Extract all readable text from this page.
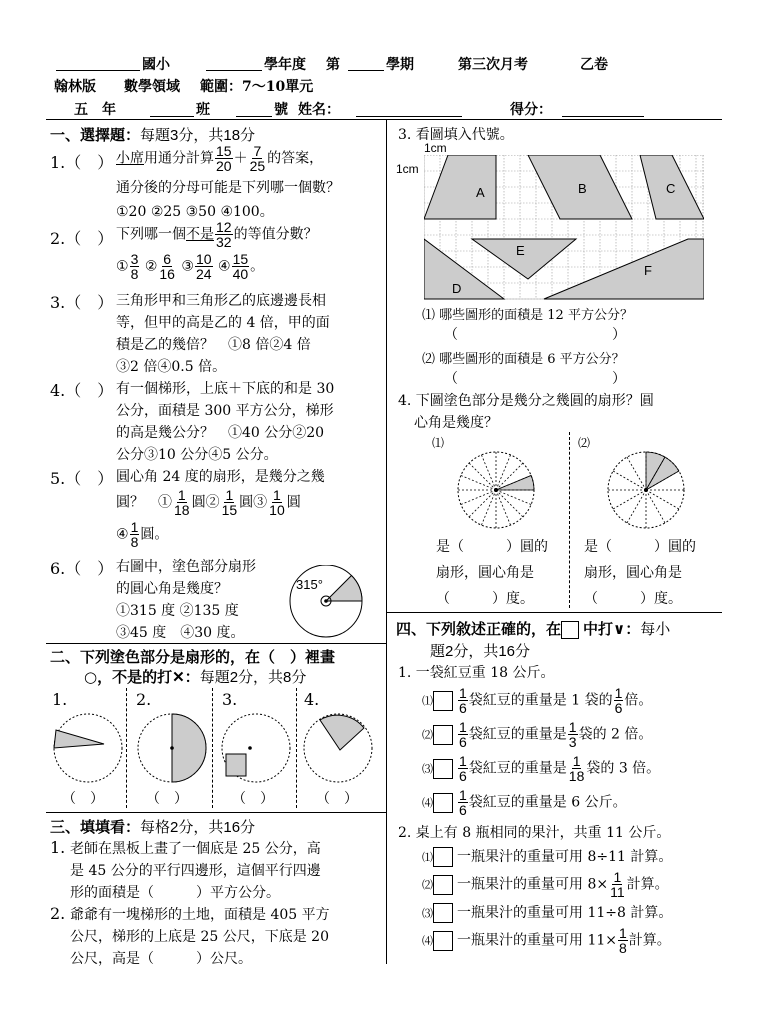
國小	學年度 第	學期	第三次月考	乙卷
翰林版 數學領域 範圍：7～10單元
五　年	班	號 姓名：	得分：
一、選擇題：每題3分，共18分
1.（　） 小席用通分計算 $\frac{15}{20} + \frac{7}{25}$ 的答案，
通分後的分母可能是下列哪一個數？
①20 ②25 ③50 ④100。
2.（　） 下列哪一個不是 $\frac{12}{32}$ 的等值分數？
① $\frac{3}{8}$ ② $\frac{6}{16}$ ③ $\frac{10}{24}$ ④ $\frac{15}{40}$ 。
3.（　） 三角形甲和三角形乙的底邊邊長相
等，但甲的高是乙的 4 倍，甲的面
積是乙的幾倍？　①8 倍②4 倍
③2 倍④0.5 倍。
4.（　） 有一個梯形，上底＋下底的和是 30
公分，面積是 300 平方公分，梯形
的高是幾公分？　①40 公分②20
公分③10 公分④5 公分。
5.（　） 圓心角 24 度的扇形，是幾分之幾
圓？　① $\frac{1}{18}$ 圓② $\frac{1}{15}$ 圓③ $\frac{1}{10}$ 圓
④ $\frac{1}{8}$ 圓。
6.（　） 右圖中，塗色部分扇形
的圓心角是幾度？
①315 度 ②135 度
③45 度　④30 度。
315°
二、下列塗色部分是扇形的，在（　）裡畫
○，不是的打✕：每題2分，共8分
1.	2.	3.	4.
（　）	（　）	（　）	（　）
三、填填看：每格2分，共16分
1. 老師在黑板上畫了一個底是 25 公分，高
是 45 公分的平行四邊形，這個平行四邊
形的面積是（　　　）平方公分。
2. 爺爺有一塊梯形的土地，面積是 405 平方
公尺，梯形的上底是 25 公尺，下底是 20
公尺，高是（　　　）公尺。
3. 看圖填入代號。
1cm
1cm
A	B	C
D
E
F
⑴ 哪些圖形的面積是 12 平方公分？
（　　　　　　　　　　　）
⑵ 哪些圖形的面積是 6 平方公分？
（　　　　　　　　　　　）
4. 下圖塗色部分是幾分之幾圓的扇形？圓
心角是幾度？
⑴	⑵
是（　　　）圓的
扇形，圓心角是
（　　　）度。
是（　　　）圓的
扇形，圓心角是
（　　　）度。
四、下列敘述正確的，在 中打∨：每小
題2分，共16分
1. 一袋紅豆重 18 公斤。
⑴ $\frac{1}{6}$ 袋紅豆的重量是 1 袋的 $\frac{1}{6}$ 倍。
⑵ $\frac{1}{6}$ 袋紅豆的重量是 $\frac{1}{3}$ 袋的 2 倍。
⑶ $\frac{1}{6}$ 袋紅豆的重量是 $\frac{1}{18}$ 袋的 3 倍。
⑷ $\frac{1}{6}$ 袋紅豆的重量是 6 公斤。
2. 桌上有 8 瓶相同的果汁，共重 11 公斤。
⑴ 一瓶果汁的重量可用 8÷11 計算。
⑵ 一瓶果汁的重量可用 $8\times \frac{1}{11}$ 計算。
⑶ 一瓶果汁的重量可用 11÷8 計算。
⑷ 一瓶果汁的重量可用 $11\times \frac{1}{8}$ 計算。
